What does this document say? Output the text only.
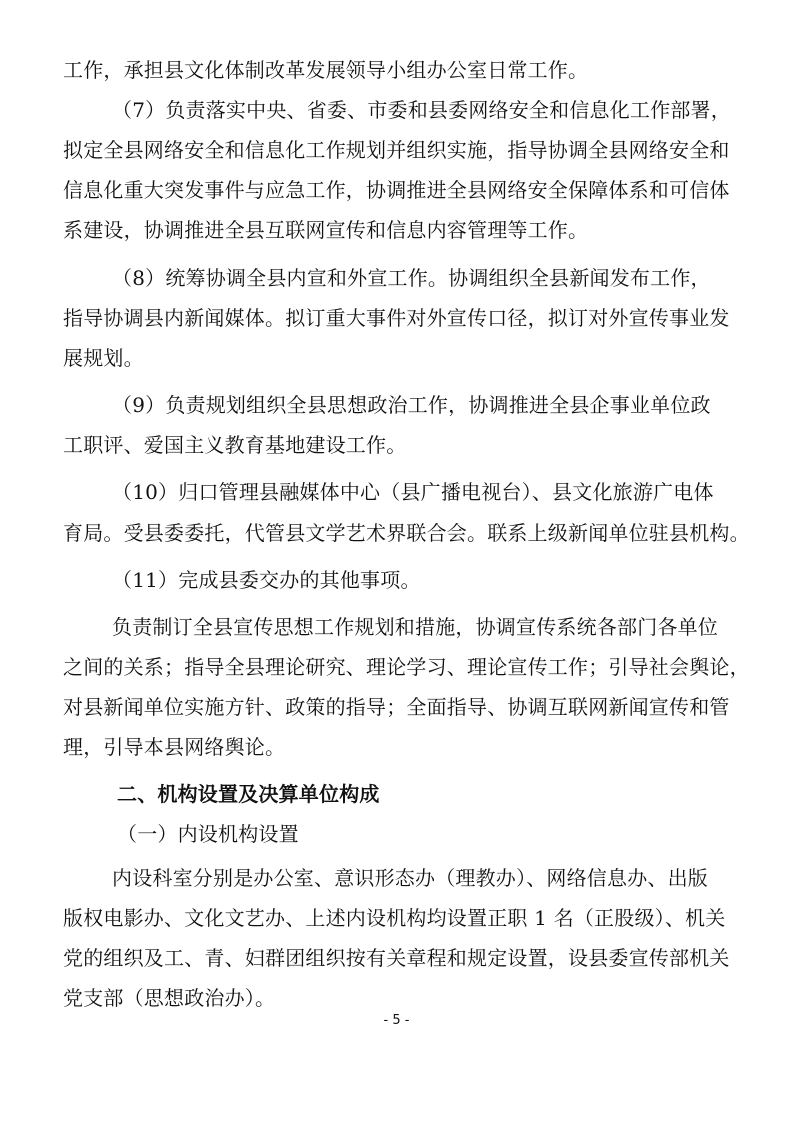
工作，承担县文化体制改革发展领导小组办公室日常工作。
（7）负责落实中央、省委、市委和县委网络安全和信息化工作部署，
拟定全县网络安全和信息化工作规划并组织实施，指导协调全县网络安全和
信息化重大突发事件与应急工作，协调推进全县网络安全保障体系和可信体
系建设，协调推进全县互联网宣传和信息内容管理等工作。
（8）统筹协调全县内宣和外宣工作。协调组织全县新闻发布工作，
指导协调县内新闻媒体。拟订重大事件对外宣传口径，拟订对外宣传事业发
展规划。
（9）负责规划组织全县思想政治工作，协调推进全县企事业单位政
工职评、爱国主义教育基地建设工作。
（10）归口管理县融媒体中心（县广播电视台）、县文化旅游广电体
育局。受县委委托，代管县文学艺术界联合会。联系上级新闻单位驻县机构。
（11）完成县委交办的其他事项。
负责制订全县宣传思想工作规划和措施，协调宣传系统各部门各单位
之间的关系；指导全县理论研究、理论学习、理论宣传工作；引导社会舆论，
对县新闻单位实施方针、政策的指导；全面指导、协调互联网新闻宣传和管
理，引导本县网络舆论。
二、机构设置及决算单位构成
（一）内设机构设置
内设科室分别是办公室、意识形态办（理教办）、网络信息办、出版
版权电影办、文化文艺办、上述内设机构均设置正职 1 名（正股级）、机关
党的组织及工、青、妇群团组织按有关章程和规定设置，设县委宣传部机关
党支部（思想政治办）。
- 5 -
